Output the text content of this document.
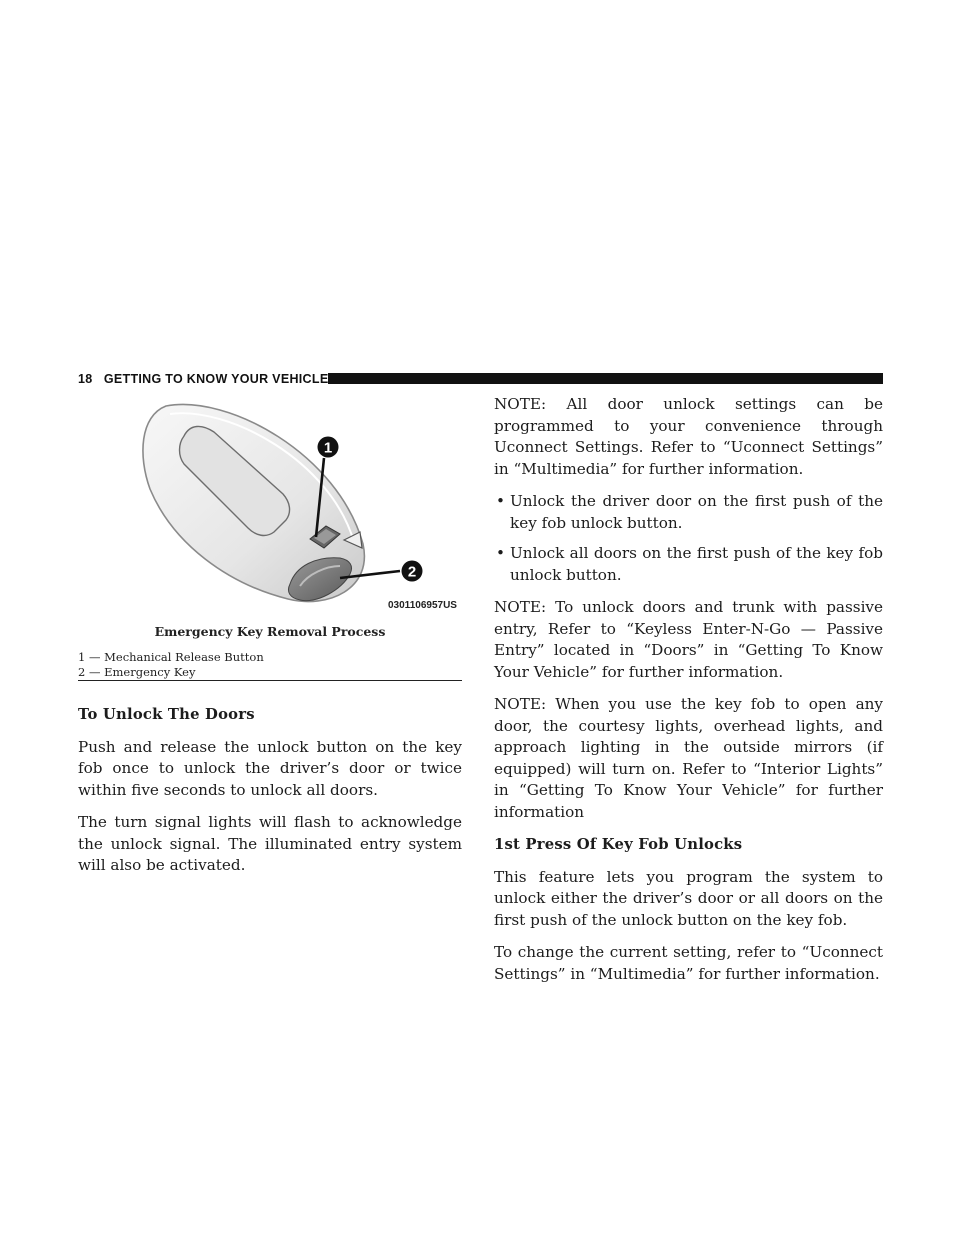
18 GETTING TO KNOW YOUR VEHICLE
1
2
0301106957US
Emergency Key Removal Process
1 — Mechanical Release Button
2 — Emergency Key

To Unlock The Doors

Push and release the unlock button on the key fob once to unlock the driver’s door or twice within five seconds to unlock all doors.

The turn signal lights will flash to acknowledge the unlock signal. The illuminated entry system will also be activated.

NOTE: All door unlock settings can be programmed to your convenience through Uconnect Settings. Refer to “Uconnect Settings” in “Multimedia” for further information.

• Unlock the driver door on the first push of the key fob unlock button.
• Unlock all doors on the first push of the key fob unlock button.

NOTE: To unlock doors and trunk with passive entry, Refer to “Keyless Enter-N-Go — Passive Entry” located in “Doors” in “Getting To Know Your Vehicle” for further information.

NOTE: When you use the key fob to open any door, the courtesy lights, overhead lights, and approach lighting in the outside mirrors (if equipped) will turn on. Refer to “Interior Lights” in “Getting To Know Your Vehicle” for further information

1st Press Of Key Fob Unlocks

This feature lets you program the system to unlock either the driver’s door or all doors on the first push of the unlock button on the key fob.

To change the current setting, refer to “Uconnect Settings” in “Multimedia” for further information.
